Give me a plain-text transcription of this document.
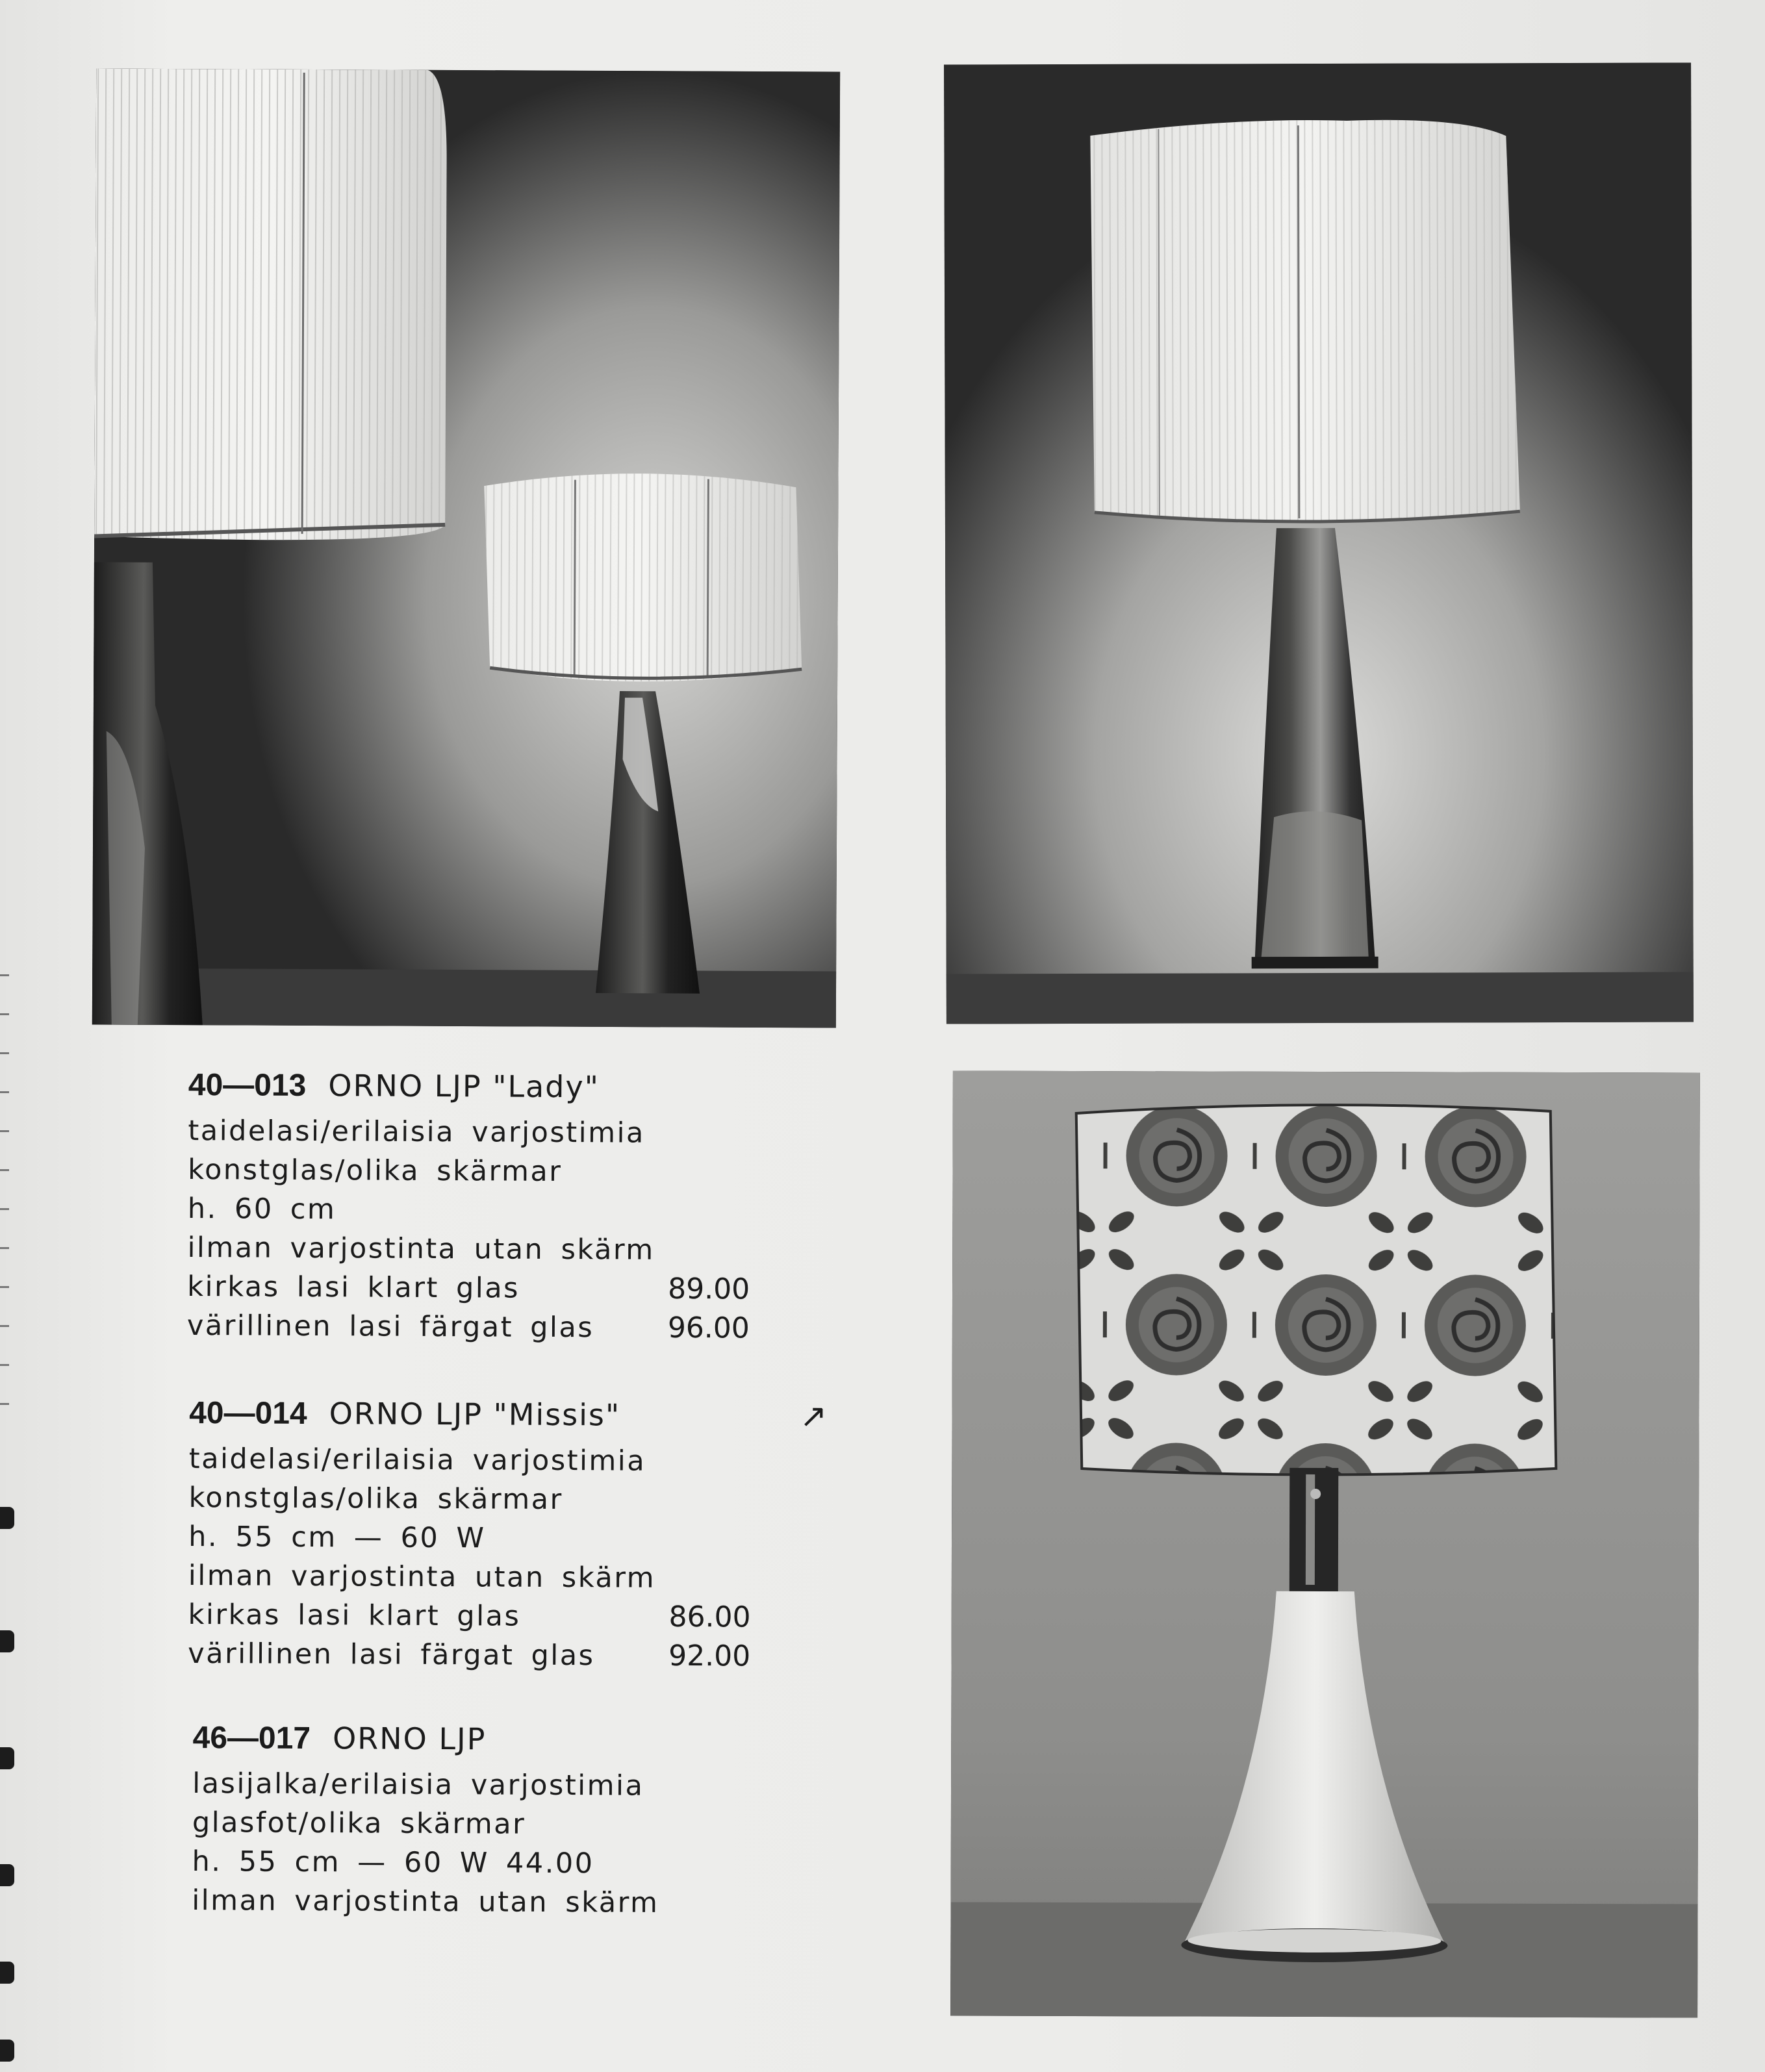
40—013 ORNO LJP "Lady"
taidelasi/erilaisia varjostimia
konstglas/olika skärmar
h. 60 cm
ilman varjostinta utan skärm
kirkas lasi klart glas	89.00
värillinen lasi färgat glas	96.00
40—014 ORNO LJP "Missis"	↗
taidelasi/erilaisia varjostimia
konstglas/olika skärmar
h. 55 cm — 60 W
ilman varjostinta utan skärm
kirkas lasi klart glas	86.00
värillinen lasi färgat glas	92.00
46—017 ORNO LJP
lasijalka/erilaisia varjostimia
glasfot/olika skärmar
h. 55 cm — 60 W 44.00
ilman varjostinta utan skärm
